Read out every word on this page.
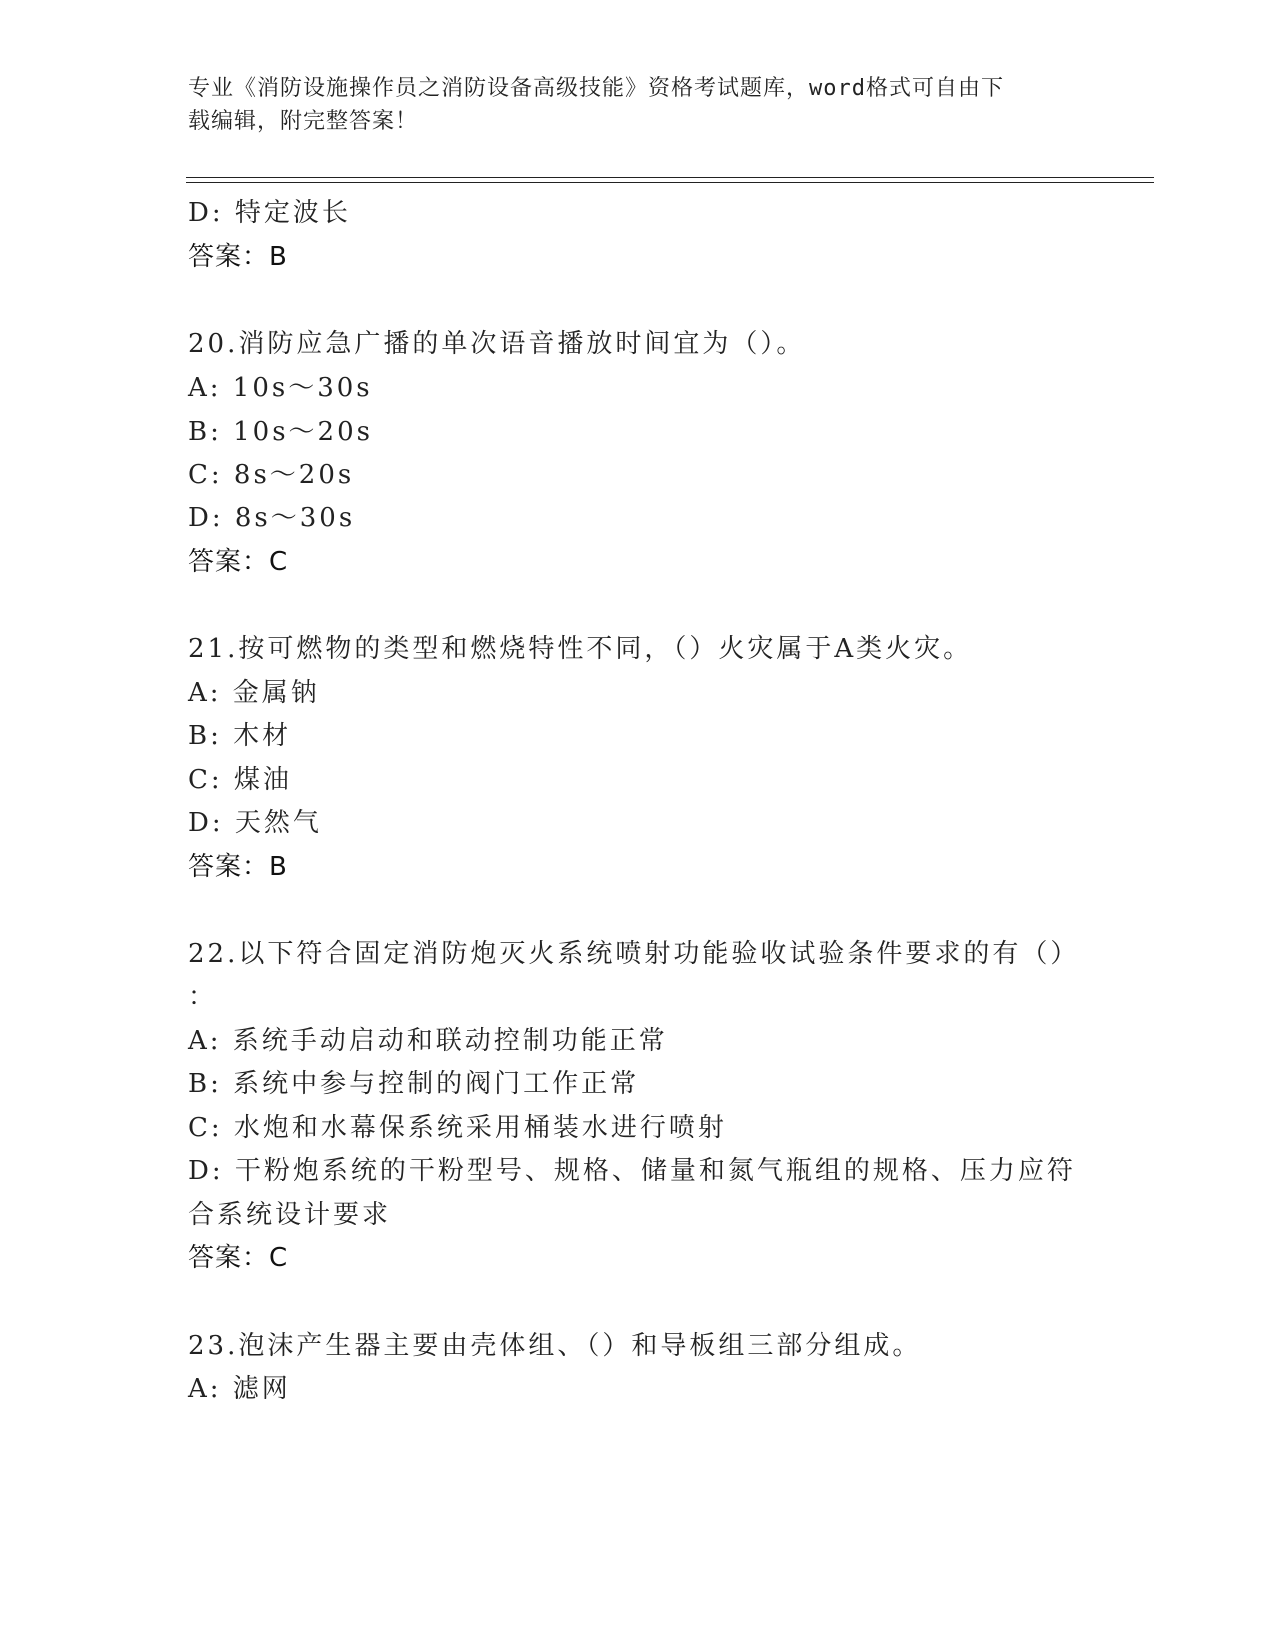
专业《消防设施操作员之消防设备高级技能》资格考试题库，word格式可自由下
载编辑，附完整答案！
D: 特定波长
答案：B
20.消防应急广播的单次语音播放时间宜为（）。
A: 10s～30s
B: 10s～20s
C: 8s～20s
D: 8s～30s
答案：C
21.按可燃物的类型和燃烧特性不同，（）火灾属于A类火灾。
A: 金属钠
B: 木材
C: 煤油
D: 天然气
答案：B
22.以下符合固定消防炮灭火系统喷射功能验收试验条件要求的有（）
：
A: 系统手动启动和联动控制功能正常
B: 系统中参与控制的阀门工作正常
C: 水炮和水幕保系统采用桶装水进行喷射
D: 干粉炮系统的干粉型号、规格、储量和氮气瓶组的规格、压力应符
合系统设计要求
答案：C
23.泡沫产生器主要由壳体组、（）和导板组三部分组成。
A: 滤网
